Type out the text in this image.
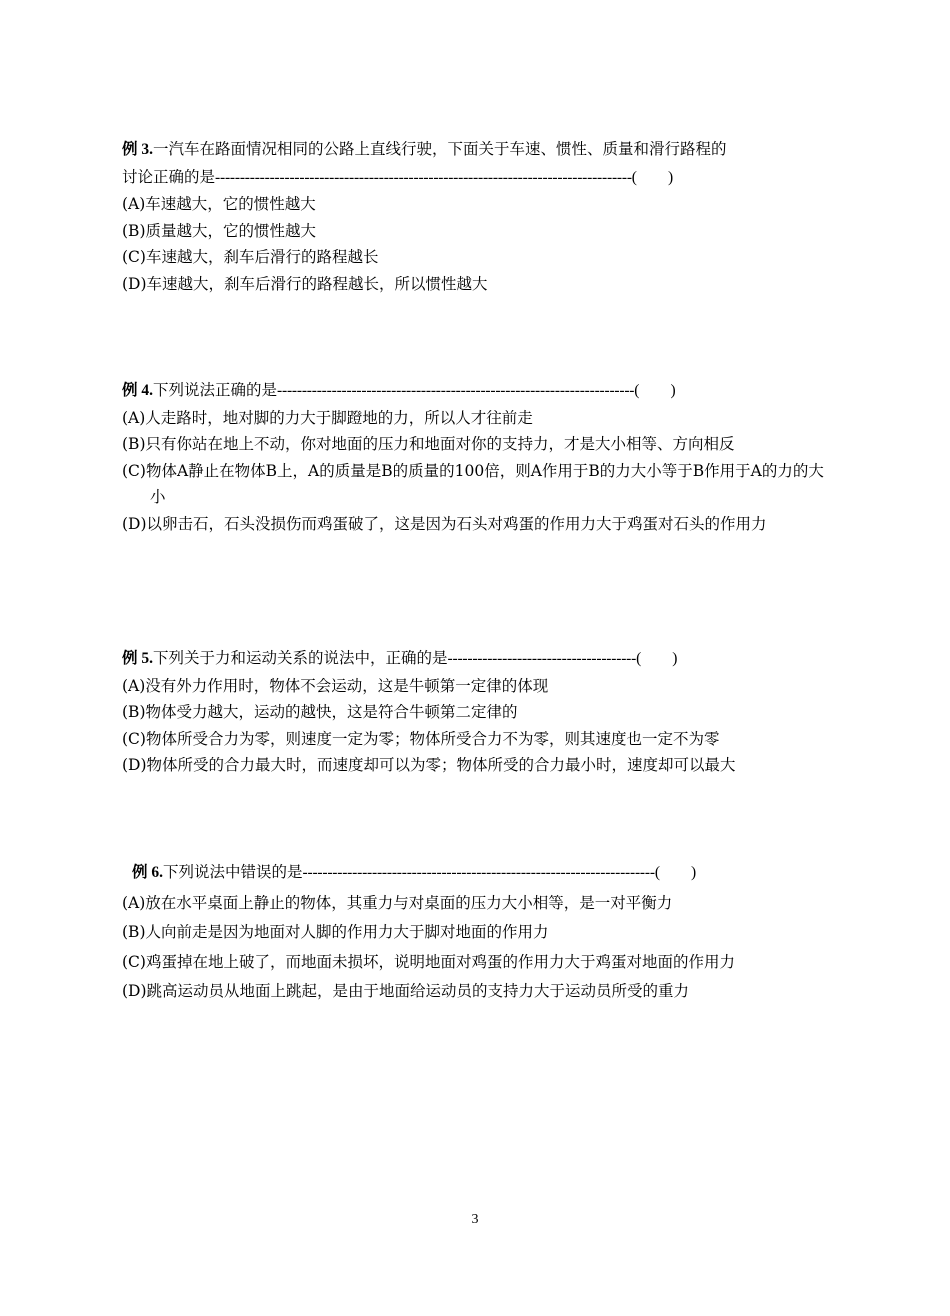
例 3.一汽车在路面情况相同的公路上直线行驶，下面关于车速、惯性、质量和滑行路程的

讨论正确的是------------------------------------------------------------------------------------(　　)

(A)车速越大，它的惯性越大

(B)质量越大，它的惯性越大

(C)车速越大，刹车后滑行的路程越长

(D)车速越大，刹车后滑行的路程越长，所以惯性越大

例 4.下列说法正确的是------------------------------------------------------------------------(　　)

(A)人走路时，地对脚的力大于脚蹬地的力，所以人才往前走

(B)只有你站在地上不动，你对地面的压力和地面对你的支持力，才是大小相等、方向相反

(C)物体A静止在物体B上，A的质量是B的质量的100倍，则A作用于B的力大小等于B作用于A的力的大小

(D)以卵击石，石头没损伤而鸡蛋破了，这是因为石头对鸡蛋的作用力大于鸡蛋对石头的作用力

例 5.下列关于力和运动关系的说法中，正确的是--------------------------------------(　　)

(A)没有外力作用时，物体不会运动，这是牛顿第一定律的体现

(B)物体受力越大，运动的越快，这是符合牛顿第二定律的

(C)物体所受合力为零，则速度一定为零；物体所受合力不为零，则其速度也一定不为零

(D)物体所受的合力最大时，而速度却可以为零；物体所受的合力最小时，速度却可以最大

例 6.下列说法中错误的是-----------------------------------------------------------------------(　　)

(A)放在水平桌面上静止的物体，其重力与对桌面的压力大小相等，是一对平衡力

(B)人向前走是因为地面对人脚的作用力大于脚对地面的作用力

(C)鸡蛋掉在地上破了，而地面未损坏，说明地面对鸡蛋的作用力大于鸡蛋对地面的作用力

(D)跳高运动员从地面上跳起，是由于地面给运动员的支持力大于运动员所受的重力

3
